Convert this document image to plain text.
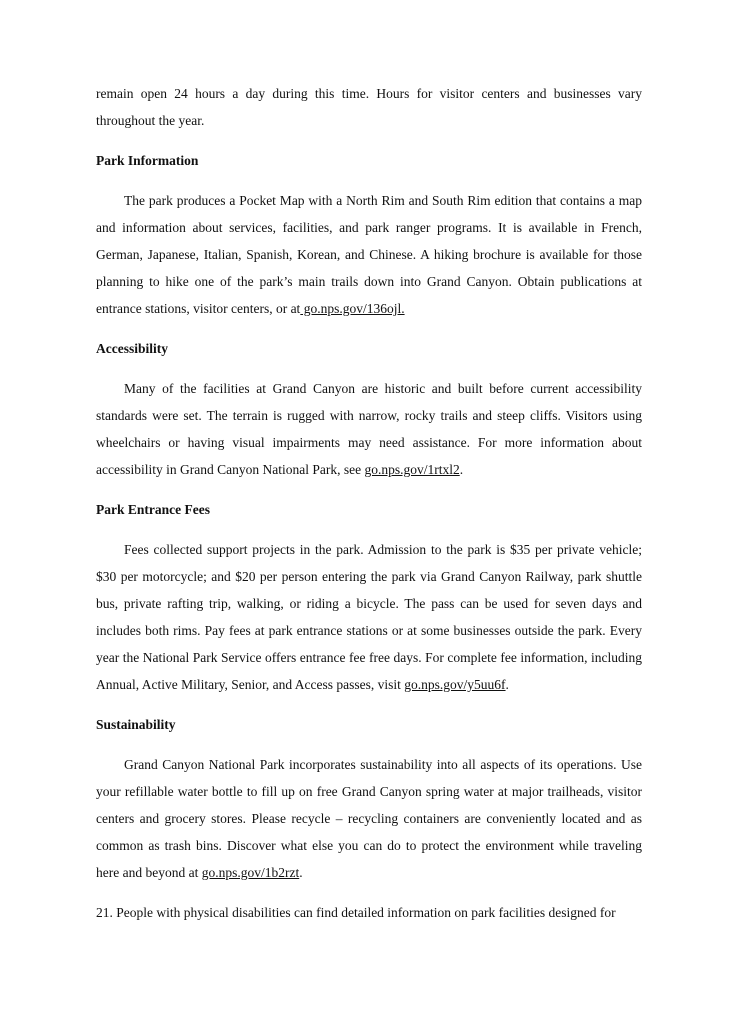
remain open 24 hours a day during this time. Hours for visitor centers and businesses vary throughout the year.

Park Information

The park produces a Pocket Map with a North Rim and South Rim edition that contains a map and information about services, facilities, and park ranger programs. It is available in French, German, Japanese, Italian, Spanish, Korean, and Chinese. A hiking brochure is available for those planning to hike one of the park’s main trails down into Grand Canyon. Obtain publications at entrance stations, visitor centers, or at go.nps.gov/136ojl.

Accessibility

Many of the facilities at Grand Canyon are historic and built before current accessibility standards were set. The terrain is rugged with narrow, rocky trails and steep cliffs. Visitors using wheelchairs or having visual impairments may need assistance. For more information about accessibility in Grand Canyon National Park, see go.nps.gov/1rtxl2.

Park Entrance Fees

Fees collected support projects in the park. Admission to the park is $35 per private vehicle; $30 per motorcycle; and $20 per person entering the park via Grand Canyon Railway, park shuttle bus, private rafting trip, walking, or riding a bicycle. The pass can be used for seven days and includes both rims. Pay fees at park entrance stations or at some businesses outside the park. Every year the National Park Service offers entrance fee free days. For complete fee information, including Annual, Active Military, Senior, and Access passes, visit go.nps.gov/y5uu6f.

Sustainability

Grand Canyon National Park incorporates sustainability into all aspects of its operations. Use your refillable water bottle to fill up on free Grand Canyon spring water at major trailheads, visitor centers and grocery stores. Please recycle – recycling containers are conveniently located and as common as trash bins. Discover what else you can do to protect the environment while traveling here and beyond at go.nps.gov/1b2rzt.

21. People with physical disabilities can find detailed information on park facilities designed for
